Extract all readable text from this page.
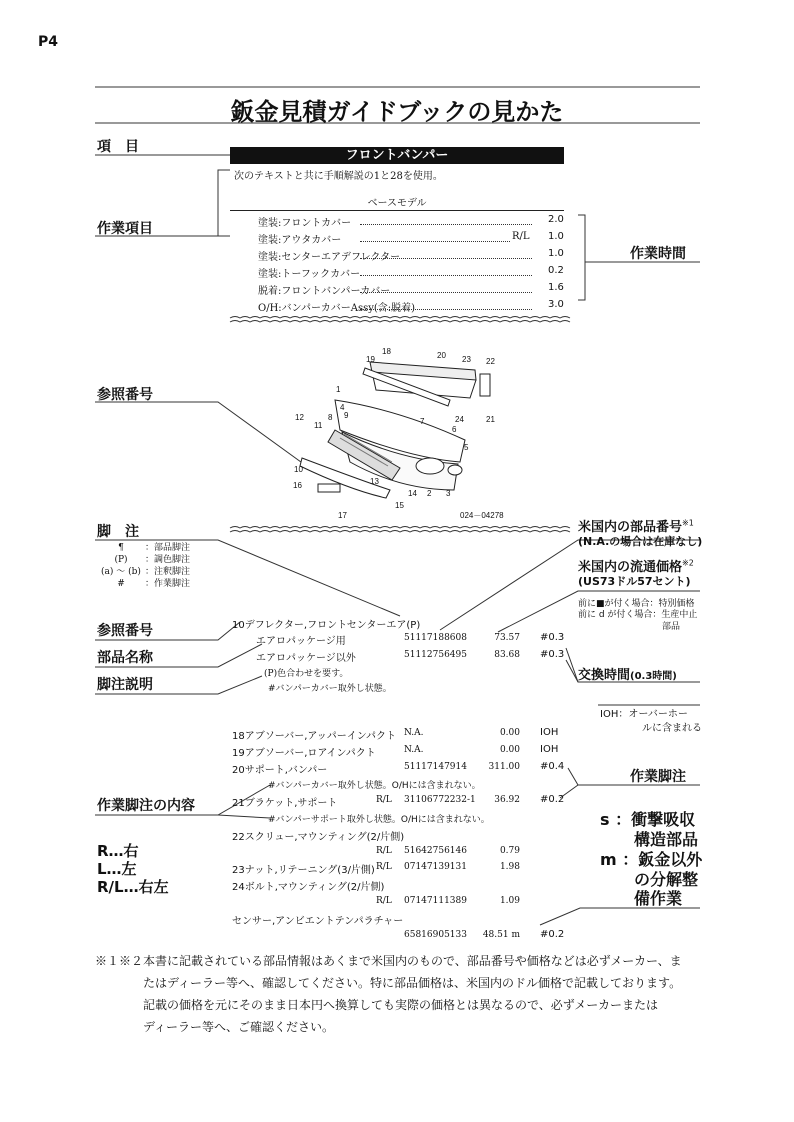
P4
鈑金見積ガイドブックの見かた
項　目
作業項目
参照番号
脚　注
¶ ：部品脚注
(P) ：調色脚注
(a) ～ (b) ：注釈脚注
# ：作業脚注
参照番号
部品名称
脚注説明
作業脚注の内容
R…右
L…左
R/L…右左
フロントバンパー
次のテキストと共に手順解説の1と28を使用。
ベースモデル
塗装:フロントカバー	2.0
塗装:アウタカバー	R/L 1.0
塗装:センターエアデフレクター	1.0
塗装:トーフックカバー	0.2
脱着:フロントバンパーカバー	1.6
O/H:バンパーカバーAssy(含:脱着)	3.0
作業時間
米国内の部品番号$^{※1}$
(N.A.の場合は在庫なし)
米国内の流通価格$^{※2}$
(US73ドル57セント)
前に■が付く場合：特別価格
前に d が付く場合：生産中止
部品
交換時間(0.3時間)
IOH：オーバーホー
ルに含まれる
作業脚注
s ：衝撃吸収
構造部品
m ：鈑金以外
の分解整
備作業
18	20
19	23 22
1
4
24	21
12
11
8 9
7
6
5
10
13
2 3
16
14
15
17	024－04278
10デフレクター,フロントセンターエア(P)
エアロパッケージ用	51117188608	73.57 #0.3
エアロパッケージ以外	51112756495	83.68 #0.3
(P)色合わせを要す。
#バンパーカバー取外し状態。
18アブソーバー,アッパーインパクト N.A.	0.00 IOH
19アブソーバー,ロアインパクト	N.A.	0.00 IOH
20サポート,バンパー	51117147914	311.00 #0.4
#バンパーカバー取外し状態。O/Hには含まれない。
21ブラケット,サポート	R/L 31106772232-1	36.92 #0.2
#バンパーサポート取外し状態。O/Hには含まれない。
22スクリュー,マウンティング(2/片側)
R/L 51642756146	0.79
23ナット,リテーニング(3/片側) R/L 07147139131	1.98
24ボルト,マウンティング(2/片側)
R/L 07147111389	1.09
センサー,アンビエントテンパラチャー
65816905133	48.51 m #0.2
※１※２本書に記載されている部品情報はあくまで米国内のもので、部品番号や価格などは必ずメーカー、ま
たはディーラー等へ、確認してください。特に部品価格は、米国内のドル価格で記載しております。
記載の価格を元にそのまま日本円へ換算しても実際の価格とは異なるので、必ずメーカーまたは
ディーラー等へ、ご確認ください。
